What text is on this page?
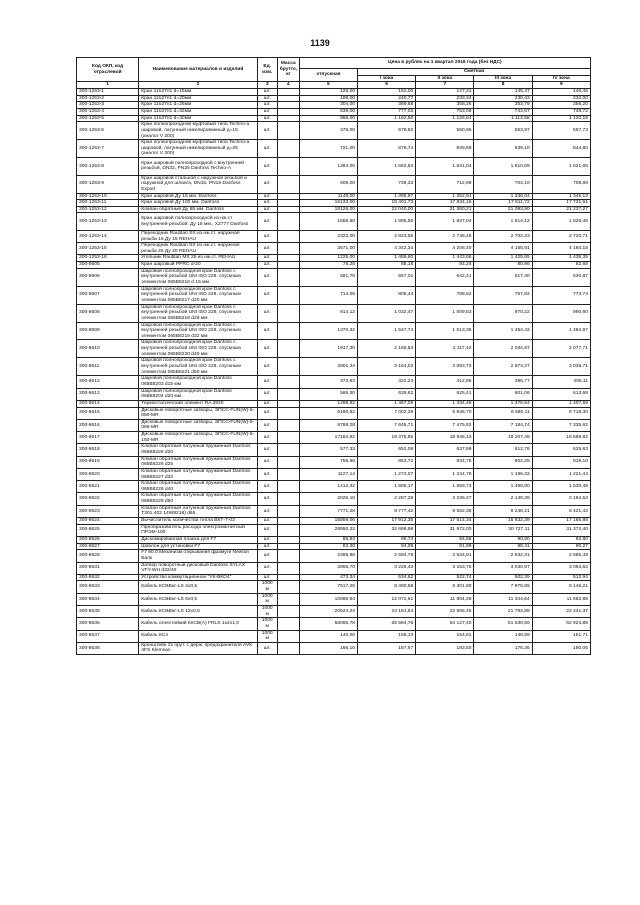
1139
Код ОКП, код отраслевой	Наименование материалов и изделий	Ед. изм.	Масса брутто, кг	Цена в рублях на 1 квартал 2016 года (без НДС)				
				отпускная	Сметная			
					I зона	II зона	III зона	IV зона
1	2	3	4	5	6	7	8	9
300-1253-1	Кран 11б27п1 d=15мм	шт.		125,00	152,00	147,31	145,47	146,46
300-1253-2	Кран 11б27п1 d=20мм	шт.		198,00	240,77	233,34	230,43	232,00
300-1253-3	Кран 11б27п1 d=25мм	шт.		304,00	369,68	358,26	353,79	356,20
300-1253-4	Кран 11б27п1 d=32мм	шт.		639,00	777,02	753,06	743,67	748,72
300-1253-5	Кран 11б27п1 d=40мм	шт.		956,00	1 162,50	1 126,64	1 112,58	1 120,15
300-1253-6	Кран полнопроходной муфтовый типа Techno-a шаровой, латунный никелированный д=15 (аналог V 300)	шт.		476,00	578,82	560,96	553,97	557,73
300-1253-7	Кран полнопроходной муфтовый типа Techno-a шаровой, латунный никелированный д=25 (аналог V 300)	шт.		721,00	876,74	849,69	839,10	844,80
300-1253-8	Кран шаровой полнопроходной с внутренней резьбой, DN32, PN25 Danfoss Techno-A	шт.		1384,00	1 682,94	1 631,04	1 610,69	1 621,65
300-1253-9	Кран шаровой стальной с наружной резьбой и наружной для шланга, DN15, PN15 Danfoss Export	шт.		608,00	739,33	712,99	704,10	708,89
300-1253-10	Кран шаровой Ду 15 мм. Danfoss	шт.		1148,00	1 395,97	1 352,91	1 336,04	1 345,13
300-1253-11	Кран шаровой Ду 100 мм. Danfoss	шт.		15133,00	18 401,73	17 834,16	17 611,72	17 731,51
300-1253-12	Клапан обратный Ду 65 мм. Danfoss	шт.		18126,00	22 040,00	21 360,21	21 093,80	21 237,27
300-1253-13	Кран шаровой полнопроходной из нж.ст внутренней резьбой. Ду 15 мм., X2777 Danfoss	шт.		1558,60	1 895,50	1 837,04	1 814,12	1 826,46
300-1253-14	Переходник Rautitan SX из нж.ст. наружная резьба 16 Ду 15 REHAU	шт.		2322,00	2 823,55	2 736,46	2 702,33	2 720,71
300-1253-15	Переходник Rautitan SX из нж.ст. наружная резьба 25 Ду 20 REHAU	шт.		3571,00	4 342,34	4 208,40	4 155,91	4 184,18
300-1253-16	Угольник Rautitan MX 25 из нж.ст. REHAU	шт.		1225,00	1 489,60	1 443,66	1 425,65	1 435,35
300-8605	Кран шаровый PPRC d-20	шт.		78,28	88,18	84,24	80,96	82,68
300-8606	Шаровой полнопроходной кран Danfoss с внутренней резьбой UNI ISO 228, спускным элементом 065B8216 d 15 мм	шт.		581,70	657,01	642,41	617,40	630,87
300-8607	Шаровой полнопроходной кран Danfoss с внутренней резьбой UNI ISO 228, спускным элементом 065B8217 d20 мм	шт.		714,05	806,44	788,52	757,82	773,74
300-8608	Шаровой полнопроходной кран Danfoss с внутренней резьбой UNI ISO 228, спускным элементом 065B8218 d25 мм	шт.		914,12	1 032,47	1 009,53	970,22	990,60
300-8609	Шаровой полнопроходной кран Danfoss с внутренней резьбой UNI ISO 228, спускным элементом 065B8219 d32 мм	шт.		1370,32	1 547,74	1 513,35	1 454,42	1 484,97
300-8610	Шаровой полнопроходной кран Danfoss с внутренней резьбой UNI ISO 228, спускным элементом 065B8220 d40 мм	шт.		1917,30	2 165,54	2 117,42	2 034,97	2 077,71
300-8611	Шаровой полнопроходной кран Danfoss с внутренней резьбой UNI ISO 228, спускным элементом 065B8221 d50 мм	шт.		2801,34	3 164,03	3 093,73	2 973,27	3 035,71
300-8612	Шаровой полнопроходной кран Danfoss 065B8203 d15 мм	шт.		373,63	422,23	412,85	396,77	405,11
300-8613	Шаровой полнопроходной кран Danfoss 065B8204 d20 мм	шт.		566,30	639,62	625,41	601,06	613,68
300-8614	Термостатический элемент RA 2920	шт.		1298,92	1 467,09	1 434,49	1 378,64	1 407,59
300-8615	Дисковые поворотные затворы, ЭПСС-FUN(W)-5-050-MR	шт.		6190,62	7 002,29	6 846,70	6 580,11	6 718,30
300-8616	Дисковые поворотные затворы, ЭПСС-FUN(W)-5-065-MR	шт.		6768,28	7 645,71	7 475,82	7 184,74	7 335,62
300-8617	Дисковые поворотные затворы, ЭПСС-FUN(W)-5-150-MR	шт.		17154,62	19 375,85	18 945,13	18 207,46	18 589,82
300-8618	Клапан обратный латунный пружинный Danfoss 065B8226 d20	шт.		577,33	652,08	637,59	612,76	625,63
300-8619	Клапан обратный латунный пружинный Danfoss 065B8226 d25	шт.		755,66	853,72	834,75	802,25	819,10
300-8620	Клапан обратный латунный пружинный Danfoss 065B8227 d32	шт.		1127,14	1 273,07	1 244,78	1 196,32	1 221,44
300-8621	Клапан обратный латунный пружинный Danfoss 065B8228 d40	шт.		1412,32	1 595,17	1 559,73	1 499,00	1 530,48
300-8622	Клапан обратный латунный пружинный Danfoss 065B8229 d50	шт.		2025,10	2 287,29	2 236,47	2 149,39	2 194,53
300-8623	Клапан обратный латунный пружинный Danfoss Т301.402 14W8218) d65	шт.		7771,28	8 777,42	8 582,38	8 248,21	8 421,43
300-8624	Вычислитель количества тепла ВКТ-7-03	шт.		15859,06	17 912,35	17 514,34	16 832,39	17 185,88
300-8625	Преобразователь расхода электромагнитный ПРЭМ-100	шт.		28950,32	32 698,98	31 972,00	30 727,11	31 372,40
300-8626	Дискомированная планка для F7	шт.		85,84	96,73	94,58	90,90	92,80
300-8627	Шаблон для установки F7	шт.		83,30	94,08	91,99	88,41	90,27
300-8628	F7 90.0 Механизм открывания фрамуги Newton Балк	шт.		2385,88	2 694,78	2 634,91	2 532,31	2 585,49
300-8631	Затвор поворотный дисковый Danfoss SYLAX VFY-WH d32/40	шт.		2855,70	3 225,43	3 153,76	3 030,97	3 094,62
300-8632	Устройство коммутационное "УК-ВКО4"	шт.		473,34	534,62	522,74	502,39	512,94
300-8633	Кабель КСВВнг-LS 4x0,5	1000 м		7517,29	8 490,58	8 301,90	7 978,65	8 146,21
300-8634	Кабель КСВВнг-LS 6x0,5	1000 м		10686,64	12 072,61	11 804,26	11 344,64	11 582,88
300-8635	Кабель КСВВнг-LS 12x0,5	1000 м		20524,24	23 181,54	22 666,45	21 783,89	22 241,37
300-8636	Кабель огнестойкий КпСВ(А) FRLS 1x2x1,0	1000 м		58066,78	65 584,76	64 127,40	61 630,56	62 924,85
300-8637	Кабель КС4	1000 м		140,00	158,13	154,61	148,59	151,71
300-8638	Кронштейн 2х прут. с держ. предохранителя AVK 4FS Klemsan	шт.		166,16	187,67	183,50	176,36	180,06
